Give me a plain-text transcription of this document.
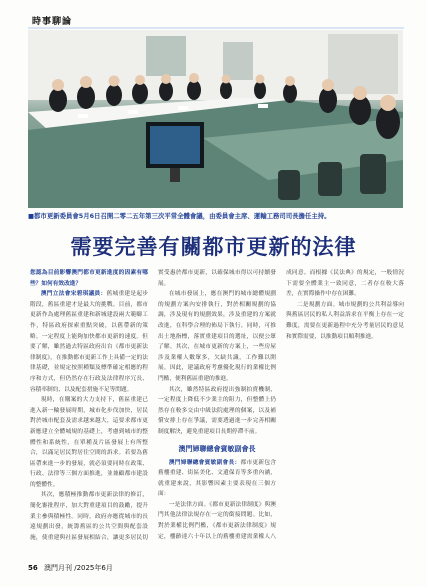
時事聊論
■都市更新委員會5月6日召開二零二五年第三次平常全體會議，由委員會主席、運輸工務司司長擔任主持。
需要完善有關都市更新的法律

您認為目前影響澳門都市更新進度的因素有哪些？如何有效改進？

澳門立法會宋碧琪議員：舊城重建是起步階段，舊區重建才是最大的挑戰。目前，都市更新作為處理舊區重建和新城建設兩大範疇工作，特區政府探索重點突破，以舊帶新的策略。一定程度上能夠加快都市更新的速度。但要了解，雖然過去特區政府出台《都市更新法律制度》，在推動都市更新工作上具備一定的法律基礎，並規定按照種類及標準確定相應的程序和方式，但仍然存在行政及法律程序冗長、容積率制約、以及配套措施不足等問題。

現時，在購案的大力支持下，舊區重建已進入新一輪發展時期，城市化步伐加快，居民對於城市配套及需求越來越大，這要求都市更新應建立全體城規的基礎上，考慮到城市的整體性和系統性，在單種及片區發展上有所整合，以滿足居民對居住空間的訴求。若要為舊區帶來進一步的發展，就必須要同時在政策、行政、法律等三個方面推進，並兼顧都市建設的整體性。

其次，應積極推動都市更新法律的修訂，簡化審批程序，加大對重建項目的鼓勵，提升業主參與積極性。同時，政府亦應從城市的長遠規劃出發，統籌舊區的公共空間與配套設施，使重建與社區發展相結合，讓更多居民切實受惠於都市更新，以確保城市得以可持續發展。

在城市發展上，應在澳門的城市總體規劃的規劃方案內安排執行，對於相關規劃的協調，涉及現有的規劃效果，涉及重建的方案就改進，在科學合理的佈局下執行。同時，可推出土地指標，落實重建項目的選址，以便公眾了解。其次，在城市更新的方案上，一些房屋涉及業權人數眾多，欠缺共識，工作難以開展。因此，建議政府考慮優化現行的業權比例門檻，便利舊區重建的推進。

其次，雖然特區政府提出強制拍賣機制，一定程度上降低不少業主的阻力，但整體上仍然存在較多交由中級法院處理的個案，以及補償安排上存在爭議，需要透過進一步完善相關制度解決，避免重建項目長期停滯不前。

澳門婦聯總會賓敏副會長

澳門婦聯總會賓敏副會長：都市更新包含舊樓重建、街區美化、文遺保育等多重內涵，就重建來說，其影響因素主要表現在三個方面：

一是法律方面。《都市更新法律制度》與澳門其他法律法規存在一定的銜接問題。比如，對於業權比例門檻，《都市更新法律制度》規定，樓齡達六十年以上的舊樓重建需業權人八成同意。而根據《民法典》的規定，一般情況下需要全體業主一致同意，二者存在較大落差，在實際操作中存在困難。

二是規劃方面。城市規劃的公共利益導向與舊區居民的私人利益訴求在平衡上存在一定難度，需要在更新過程中充分考量居民的意見和實際需要，以推動項目順利推進。

56 澳門月刊 /2025年6月
